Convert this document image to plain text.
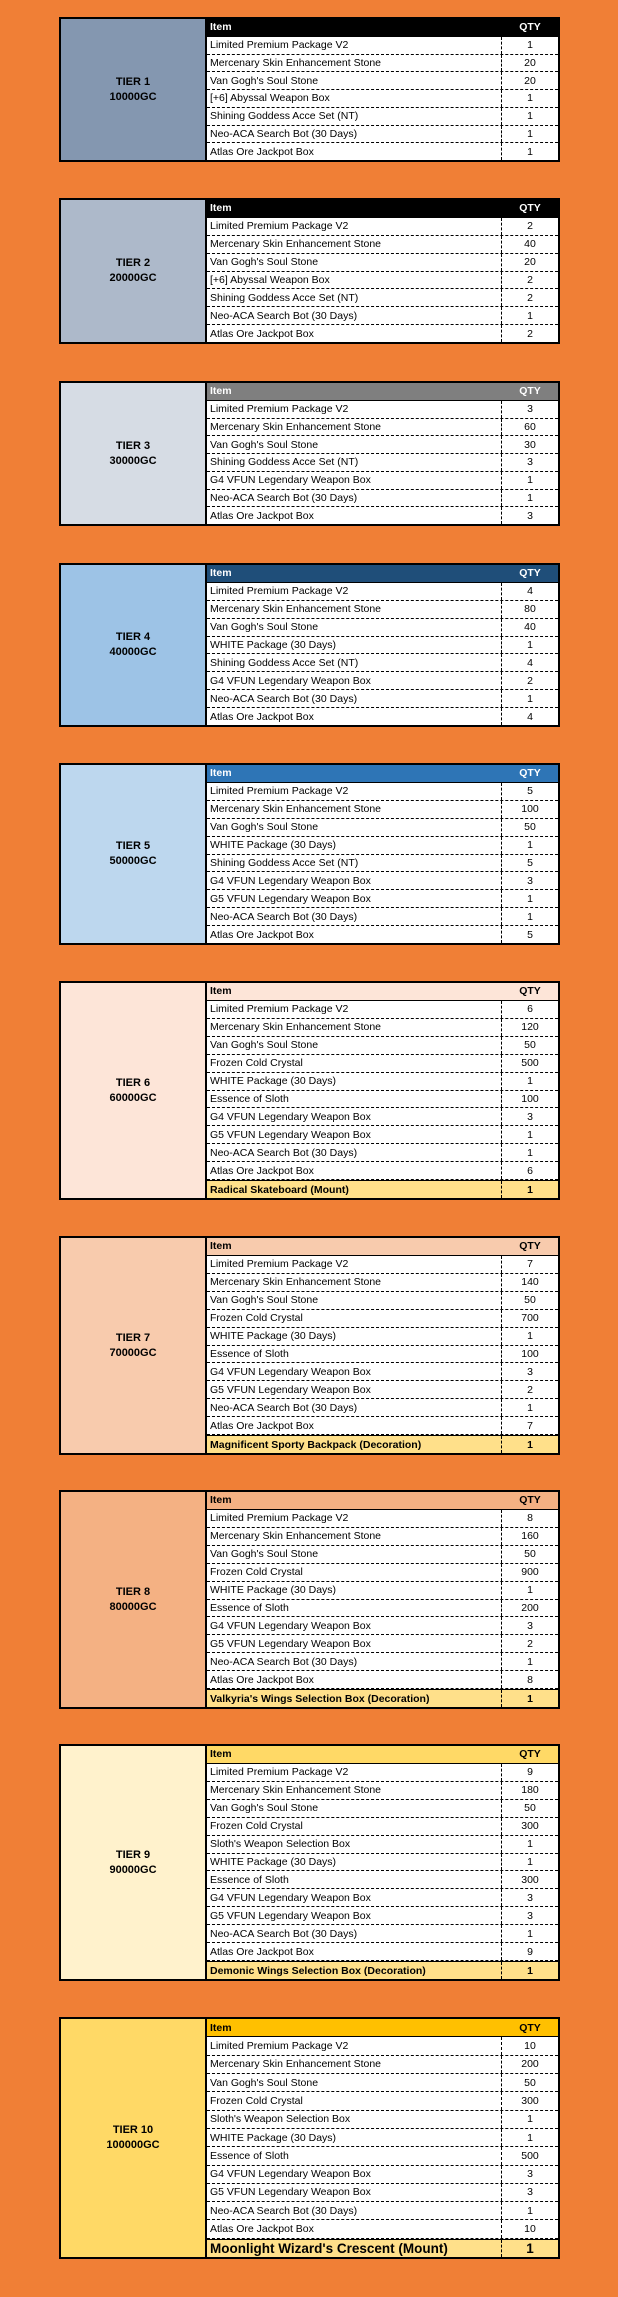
TIER 1
10000GC
Item	QTY
Limited Premium Package V2	1
Mercenary Skin Enhancement Stone	20
Van Gogh's Soul Stone	20
[+6] Abyssal Weapon Box	1
Shining Goddess Acce Set (NT)	1
Neo-ACA Search Bot (30 Days)	1
Atlas Ore Jackpot Box	1
TIER 2
20000GC
Item	QTY
Limited Premium Package V2	2
Mercenary Skin Enhancement Stone	40
Van Gogh's Soul Stone	20
[+6] Abyssal Weapon Box	2
Shining Goddess Acce Set (NT)	2
Neo-ACA Search Bot (30 Days)	1
Atlas Ore Jackpot Box	2
TIER 3
30000GC
Item	QTY
Limited Premium Package V2	3
Mercenary Skin Enhancement Stone	60
Van Gogh's Soul Stone	30
Shining Goddess Acce Set (NT)	3
G4 VFUN Legendary Weapon Box	1
Neo-ACA Search Bot (30 Days)	1
Atlas Ore Jackpot Box	3
TIER 4
40000GC
Item	QTY
Limited Premium Package V2	4
Mercenary Skin Enhancement Stone	80
Van Gogh's Soul Stone	40
WHITE Package (30 Days)	1
Shining Goddess Acce Set (NT)	4
G4 VFUN Legendary Weapon Box	2
Neo-ACA Search Bot (30 Days)	1
Atlas Ore Jackpot Box	4
TIER 5
50000GC
Item	QTY
Limited Premium Package V2	5
Mercenary Skin Enhancement Stone	100
Van Gogh's Soul Stone	50
WHITE Package (30 Days)	1
Shining Goddess Acce Set (NT)	5
G4 VFUN Legendary Weapon Box	3
G5 VFUN Legendary Weapon Box	1
Neo-ACA Search Bot (30 Days)	1
Atlas Ore Jackpot Box	5
TIER 6
60000GC
Item	QTY
Limited Premium Package V2	6
Mercenary Skin Enhancement Stone	120
Van Gogh's Soul Stone	50
Frozen Cold Crystal	500
WHITE Package (30 Days)	1
Essence of Sloth	100
G4 VFUN Legendary Weapon Box	3
G5 VFUN Legendary Weapon Box	1
Neo-ACA Search Bot (30 Days)	1
Atlas Ore Jackpot Box	6
Radical Skateboard (Mount)	1
TIER 7
70000GC
Item	QTY
Limited Premium Package V2	7
Mercenary Skin Enhancement Stone	140
Van Gogh's Soul Stone	50
Frozen Cold Crystal	700
WHITE Package (30 Days)	1
Essence of Sloth	100
G4 VFUN Legendary Weapon Box	3
G5 VFUN Legendary Weapon Box	2
Neo-ACA Search Bot (30 Days)	1
Atlas Ore Jackpot Box	7
Magnificent Sporty Backpack (Decoration)	1
TIER 8
80000GC
Item	QTY
Limited Premium Package V2	8
Mercenary Skin Enhancement Stone	160
Van Gogh's Soul Stone	50
Frozen Cold Crystal	900
WHITE Package (30 Days)	1
Essence of Sloth	200
G4 VFUN Legendary Weapon Box	3
G5 VFUN Legendary Weapon Box	2
Neo-ACA Search Bot (30 Days)	1
Atlas Ore Jackpot Box	8
Valkyria's Wings Selection Box (Decoration)	1
TIER 9
90000GC
Item	QTY
Limited Premium Package V2	9
Mercenary Skin Enhancement Stone	180
Van Gogh's Soul Stone	50
Frozen Cold Crystal	300
Sloth's Weapon Selection Box	1
WHITE Package (30 Days)	1
Essence of Sloth	300
G4 VFUN Legendary Weapon Box	3
G5 VFUN Legendary Weapon Box	3
Neo-ACA Search Bot (30 Days)	1
Atlas Ore Jackpot Box	9
Demonic Wings Selection Box (Decoration)	1
TIER 10
100000GC
Item	QTY
Limited Premium Package V2	10
Mercenary Skin Enhancement Stone	200
Van Gogh's Soul Stone	50
Frozen Cold Crystal	300
Sloth's Weapon Selection Box	1
WHITE Package (30 Days)	1
Essence of Sloth	500
G4 VFUN Legendary Weapon Box	3
G5 VFUN Legendary Weapon Box	3
Neo-ACA Search Bot (30 Days)	1
Atlas Ore Jackpot Box	10
Moonlight Wizard's Crescent (Mount)	1
